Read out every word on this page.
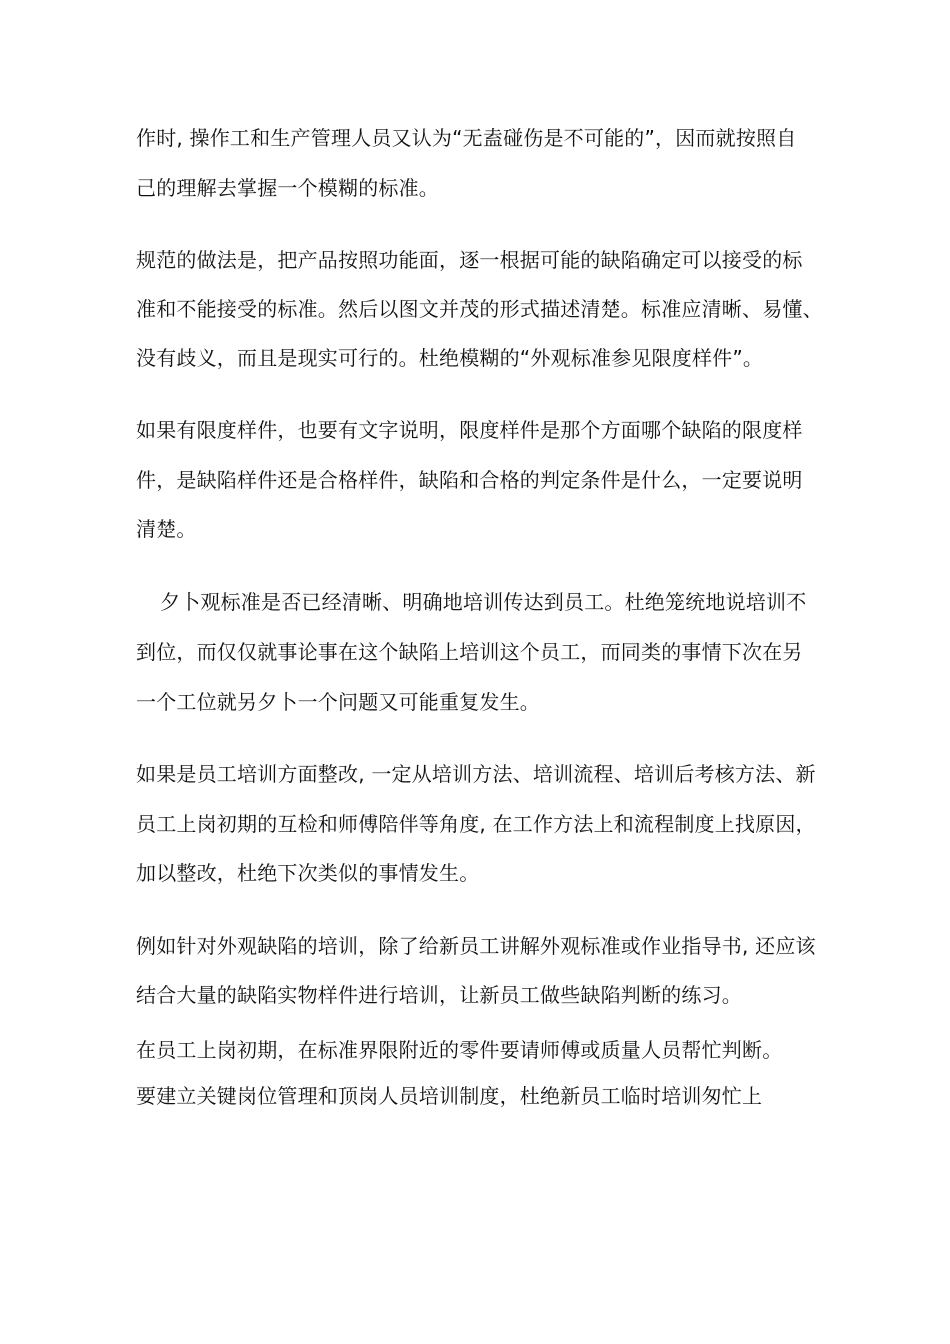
作时, 操作工和生产管理人员又认为“无盍碰伤是不可能的”，因而就按照自
己的理解去掌握一个模糊的标准。
规范的做法是，把产品按照功能面，逐一根据可能的缺陷确定可以接受的标
准和不能接受的标准。然后以图文并茂的形式描述清楚。标准应清晰、易懂、
没有歧义，而且是现实可行的。杜绝模糊的“外观标准参见限度样件”。
如果有限度样件，也要有文字说明，限度样件是那个方面哪个缺陷的限度样
件，是缺陷样件还是合格样件，缺陷和合格的判定条件是什么，一定要说明
清楚。
夕卜观标准是否已经清晰、明确地培训传达到员工。杜绝笼统地说培训不
到位，而仅仅就事论事在这个缺陷上培训这个员工，而同类的事情下次在另
一个工位就另夕卜一个问题又可能重复发生。
如果是员工培训方面整改, 一定从培训方法、培训流程、培训后考核方法、新
员工上岗初期的互检和师傅陪伴等角度, 在工作方法上和流程制度上找原因，
加以整改，杜绝下次类似的事情发生。
例如针对外观缺陷的培训，除了给新员工讲解外观标准或作业指导书, 还应该
结合大量的缺陷实物样件进行培训，让新员工做些缺陷判断的练习。
在员工上岗初期，在标准界限附近的零件要请师傅或质量人员帮忙判断。
要建立关键岗位管理和顶岗人员培训制度，杜绝新员工临时培训匆忙上
